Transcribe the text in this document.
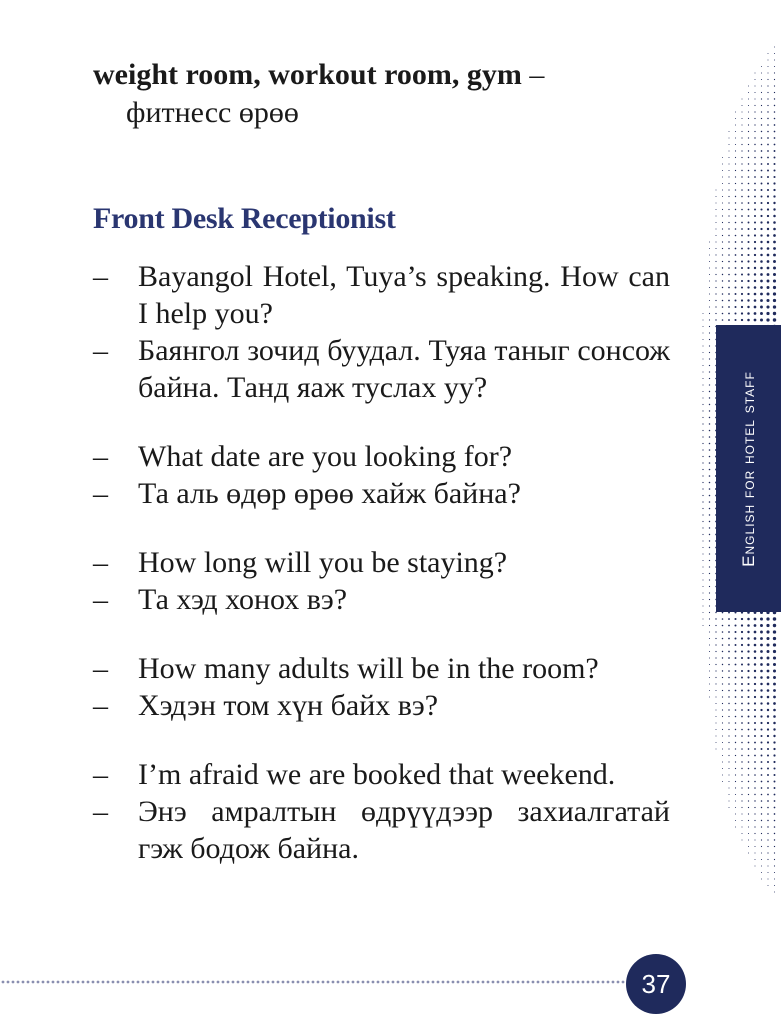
English for hotel staff
weight room, workout room, gym –
фитнесс өрөө
Front Desk Receptionist
–	Bayangol Hotel, Tuya’s speaking. How can I help you?
–	Баянгол зочид буудал. Туяа таныг сонсож байна. Танд яаж туслах уу?
–	What date are you looking for?
–	Та аль өдөр өрөө хайж байна?
–	How long will you be staying?
–	Та хэд хонох вэ?
–	How many adults will be in the room?
–	Хэдэн том хүн байх вэ?
–	I’m afraid we are booked that weekend.
–	Энэ амралтын өдрүүдээр захиалгатай гэж бодож байна.
37
